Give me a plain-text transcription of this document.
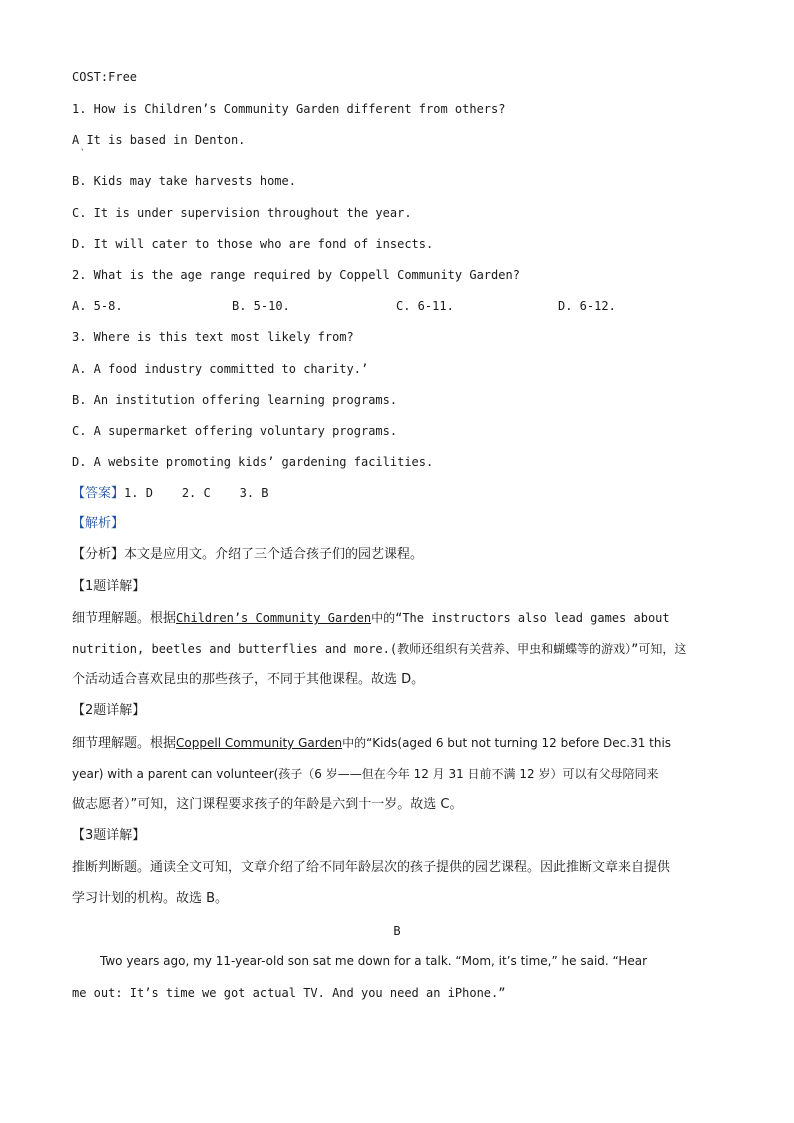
COST:Free
1. How is Children’s Community Garden different from others?
A It is based in Denton.
`
B. Kids may take harvests home.
C. It is under supervision throughout the year.
D. It will cater to those who are fond of insects.
2. What is the age range required by Coppell Community Garden?
A. 5-8.	B. 5-10.	C. 6-11.	D. 6-12.
3. Where is this text most likely from?
A. A food industry committed to charity.’
B. An institution offering learning programs.
C. A supermarket offering voluntary programs.
D. A website promoting kids’ gardening facilities.
【答案】1. D    2. C    3. B
【解析】
【分析】本文是应用文。介绍了三个适合孩子们的园艺课程。
【1题详解】
细节理解题。根据Children’s Community Garden中的“The instructors also lead games about
nutrition, beetles and butterflies and more.(教师还组织有关营养、甲虫和蝴蝶等的游戏）”可知，这
个活动适合喜欢昆虫的那些孩子，不同于其他课程。故选 D。
【2题详解】
细节理解题。根据Coppell Community Garden中的“Kids(aged 6 but not turning 12 before Dec.31 this
year) with a parent can volunteer(孩子（6 岁——但在今年 12 月 31 日前不满 12 岁）可以有父母陪同来
做志愿者）”可知，这门课程要求孩子的年龄是六到十一岁。故选 C。
【3题详解】
推断判断题。通读全文可知，文章介绍了给不同年龄层次的孩子提供的园艺课程。因此推断文章来自提供
学习计划的机构。故选 B。
B
Two years ago, my 11-year-old son sat me down for a talk. “Mom, it’s time,” he said. “Hear
me out: It’s time we got actual TV. And you need an iPhone.”
